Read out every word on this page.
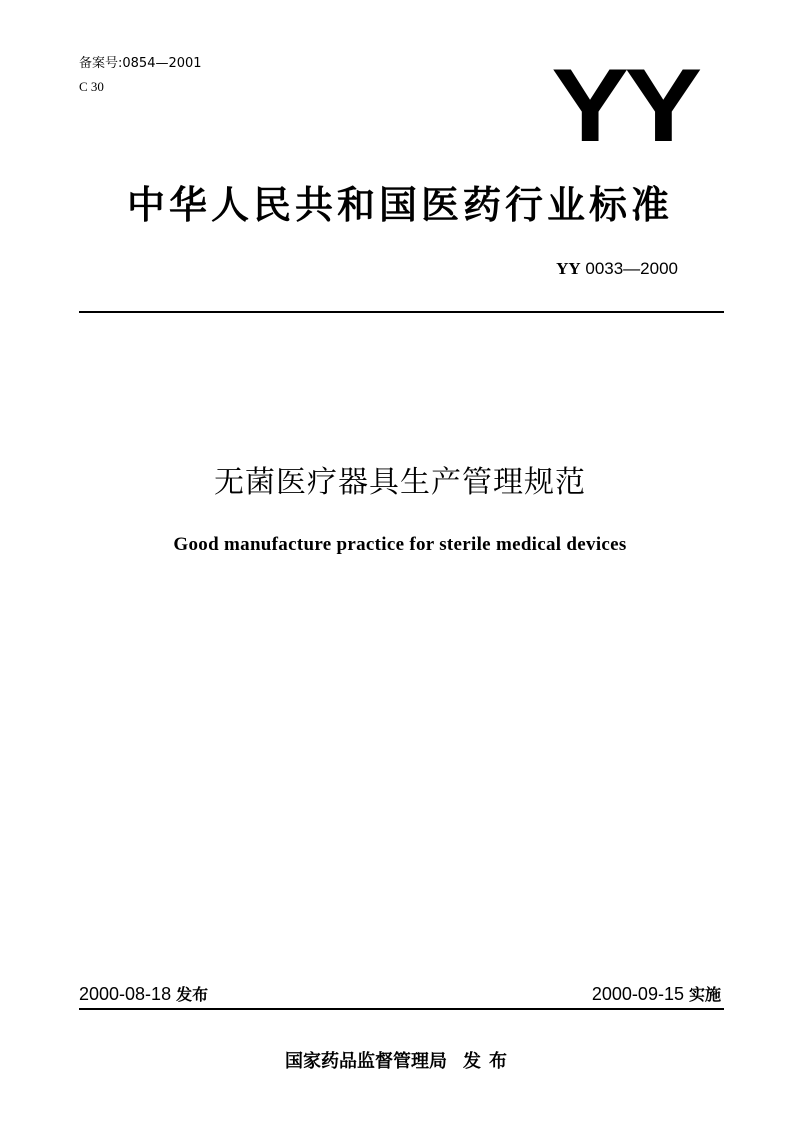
备案号:0854—2001
C 30	YY
中华人民共和国医药行业标准
YY 0033—2000
无菌医疗器具生产管理规范
Good manufacture practice for sterile medical devices
2000-08-18 发布	2000-09-15 实施
国家药品监督管理局 发布
